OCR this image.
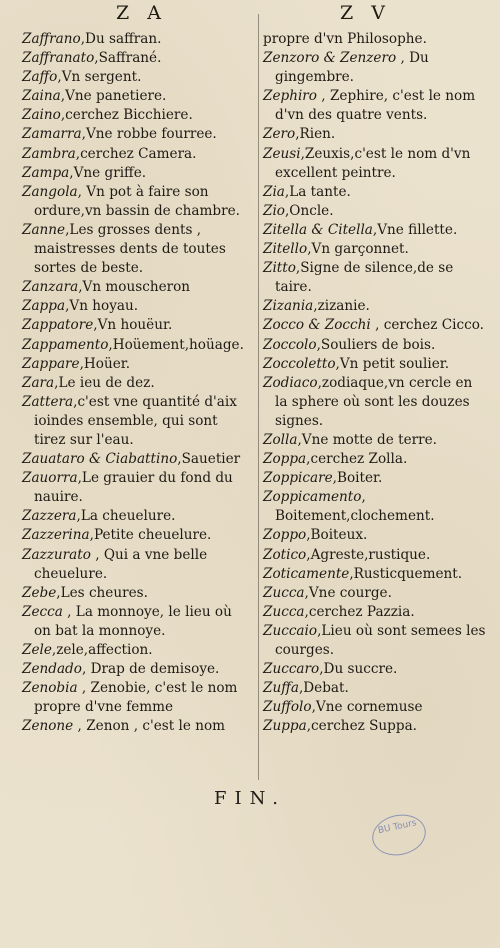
Z A	Z V
Zaffrano,Du saffran.
Zaffranato,Saffrané.
Zaffo,Vn sergent.
Zaina,Vne panetiere.
Zaino,cerchez Bicchiere.
Zamarra,Vne robbe fourree.
Zambra,cerchez Camera.
Zampa,Vne griffe.
Zangola, Vn pot à faire son ordure,vn bassin de chambre.
Zanne,Les grosses dents , maistresses dents de toutes sortes de beste.
Zanzara,Vn mouscheron
Zappa,Vn hoyau.
Zappatore,Vn houëur.
Zappamento,Hoüement,hoüage.
Zappare,Hoüer.
Zara,Le ieu de dez.
Zattera,c'est vne quantité d'aix ioindes ensemble, qui sont tirez sur l'eau.
Zauataro & Ciabattino,Sauetier
Zauorra,Le grauier du fond du nauire.
Zazzera,La cheuelure.
Zazzerina,Petite cheuelure.
Zazzurato , Qui a vne belle cheuelure.
Zebe,Les cheures.
Zecca , La monnoye, le lieu où on bat la monnoye.
Zele,zele,affection.
Zendado, Drap de demisoye.
Zenobia , Zenobie, c'est le nom propre d'vne femme
Zenone , Zenon , c'est le nom
propre d'vn Philosophe.
Zenzoro & Zenzero , Du gingembre.
Zephiro , Zephire, c'est le nom d'vn des quatre vents.
Zero,Rien.
Zeusi,Zeuxis,c'est le nom d'vn excellent peintre.
Zia,La tante.
Zio,Oncle.
Zitella & Citella,Vne fillette.
Zitello,Vn garçonnet.
Zitto,Signe de silence,de se taire.
Zizania,zizanie.
Zocco & Zocchi , cerchez Cicco.
Zoccolo,Souliers de bois.
Zoccoletto,Vn petit soulier.
Zodiaco,zodiaque,vn cercle en la sphere où sont les douzes signes.
Zolla,Vne motte de terre.
Zoppa,cerchez Zolla.
Zoppicare,Boiter.
Zoppicamento, Boitement,clochement.
Zoppo,Boiteux.
Zotico,Agreste,rustique.
Zoticamente,Rusticquement.
Zucca,Vne courge.
Zucca,cerchez Pazzia.
Zuccaio,Lieu où sont semees les courges.
Zuccaro,Du succre.
Zuffa,Debat.
Zuffolo,Vne cornemuse
Zuppa,cerchez Suppa.
FIN.
BU Tours
